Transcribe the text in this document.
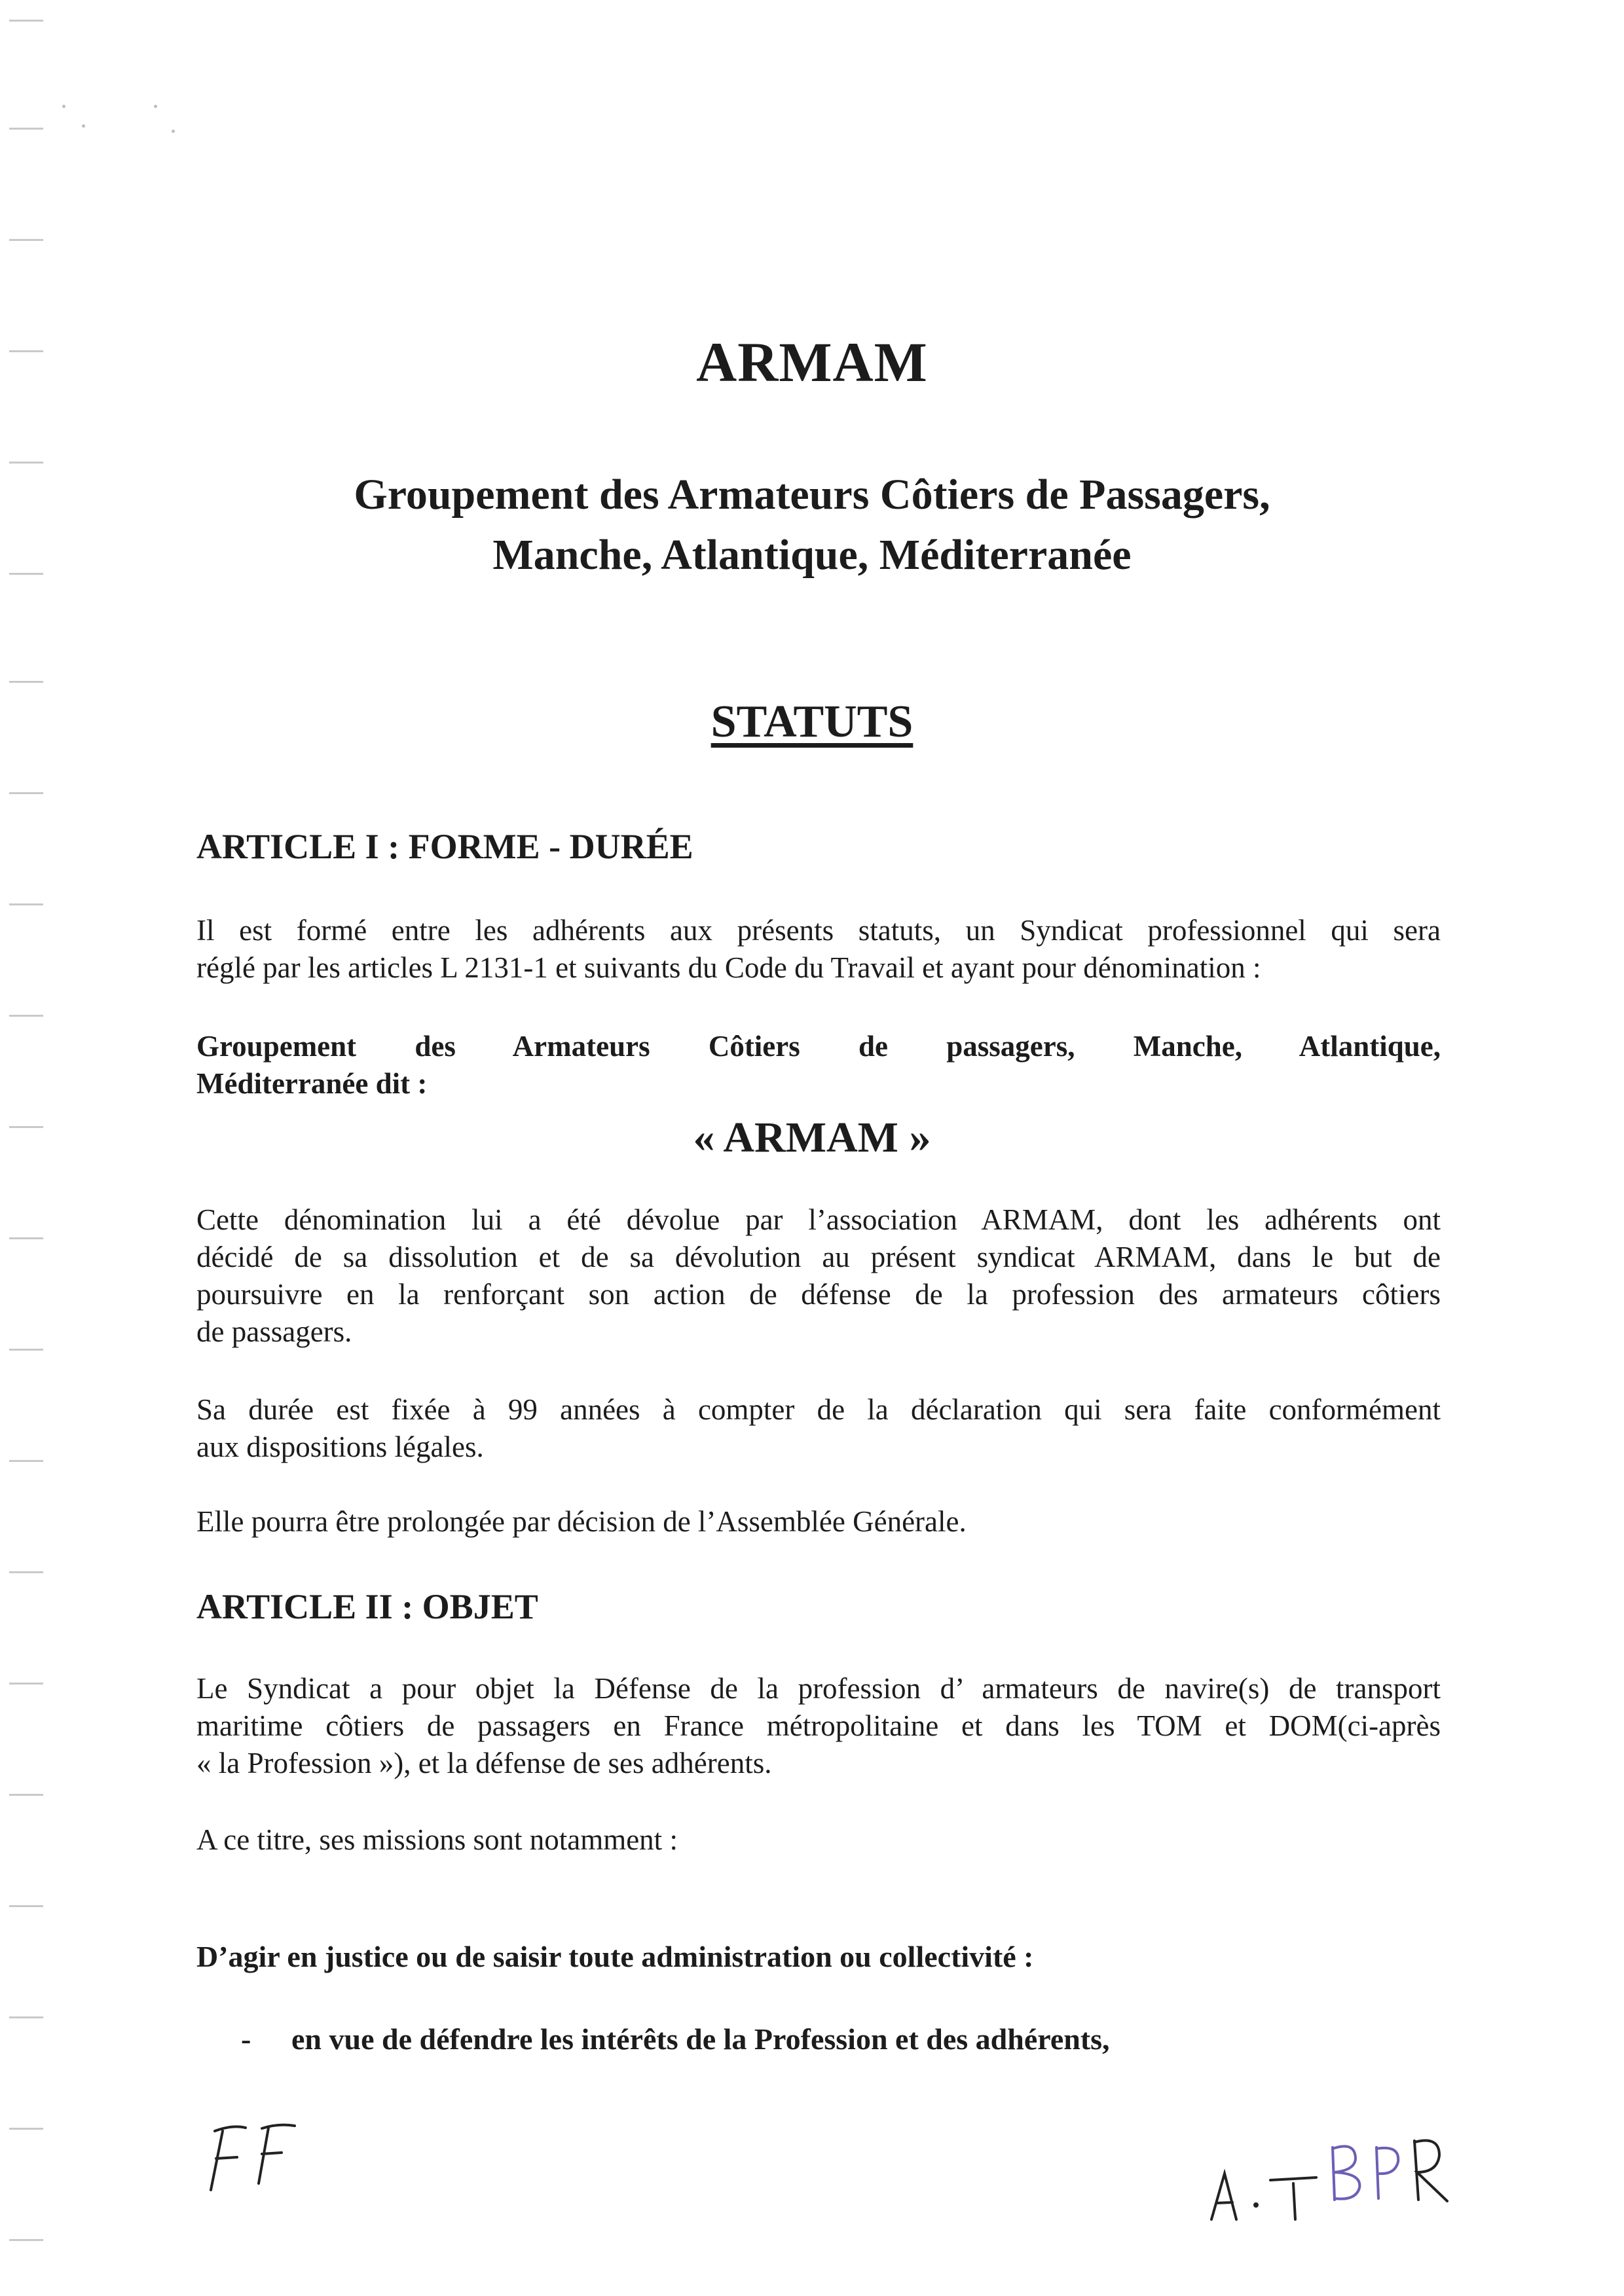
ARMAM
Groupement des Armateurs Côtiers de Passagers,
Manche, Atlantique, Méditerranée
STATUTS
ARTICLE I : FORME - DURÉE
Il est formé entre les adhérents aux présents statuts, un Syndicat professionnel qui sera
réglé par les articles L 2131-1 et suivants du Code du Travail et ayant pour dénomination :
Groupement des Armateurs Côtiers de passagers, Manche, Atlantique,
Méditerranée dit :
« ARMAM »
Cette dénomination lui a été dévolue par l’association ARMAM, dont les adhérents ont
décidé de sa dissolution et de sa dévolution au présent syndicat ARMAM, dans le but de
poursuivre en la renforçant son action de défense de la profession des armateurs côtiers
de passagers.
Sa durée est fixée à 99 années à compter de la déclaration qui sera faite conformément
aux dispositions légales.
Elle pourra être prolongée par décision de l’Assemblée Générale.
ARTICLE II : OBJET
Le Syndicat a pour objet la Défense de la profession d’ armateurs de navire(s) de transport
maritime côtiers de passagers en France métropolitaine et dans les TOM et DOM(ci-après
« la Profession »), et la défense de ses adhérents.
A ce titre, ses missions sont notamment :
D’agir en justice ou de saisir toute administration ou collectivité :
- en vue de défendre les intérêts de la Profession et des adhérents,
